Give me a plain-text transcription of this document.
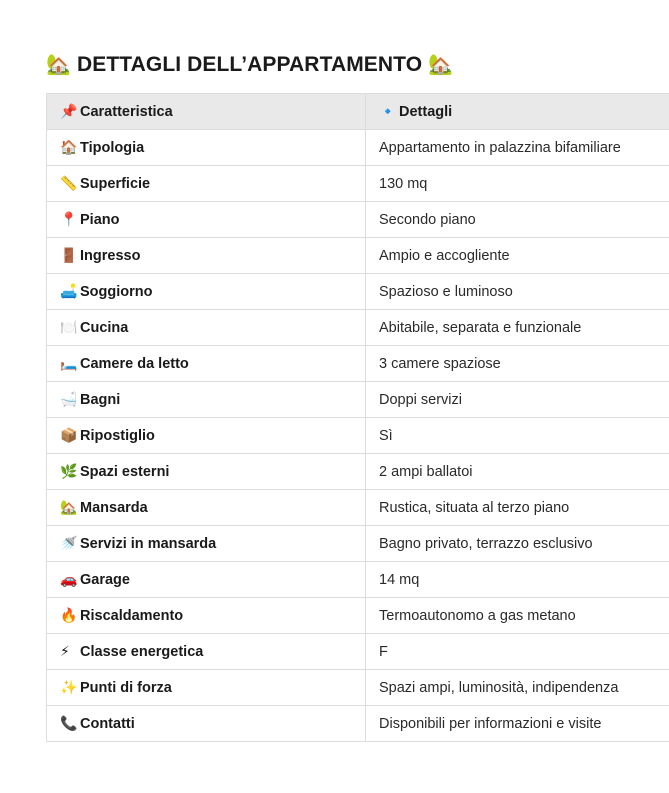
🏡 DETTAGLI DELL’APPARTAMENTO 🏡
📌 Caratteristica	🔹 Dettagli
🏠 Tipologia	Appartamento in palazzina bifamiliare
📏 Superficie	130 mq
📍 Piano	Secondo piano
🚪 Ingresso	Ampio e accogliente
🛋️ Soggiorno	Spazioso e luminoso
🍽️ Cucina	Abitabile, separata e funzionale
🛏️ Camere da letto	3 camere spaziose
🛁 Bagni	Doppi servizi
📦 Ripostiglio	Sì
🌿 Spazi esterni	2 ampi ballatoi
🏡 Mansarda	Rustica, situata al terzo piano
🚿 Servizi in mansarda	Bagno privato, terrazzo esclusivo
🚗 Garage	14 mq
🔥 Riscaldamento	Termoautonomo a gas metano
⚡ Classe energetica	F
✨ Punti di forza	Spazi ampi, luminosità, indipendenza
📞 Contatti	Disponibili per informazioni e visite
